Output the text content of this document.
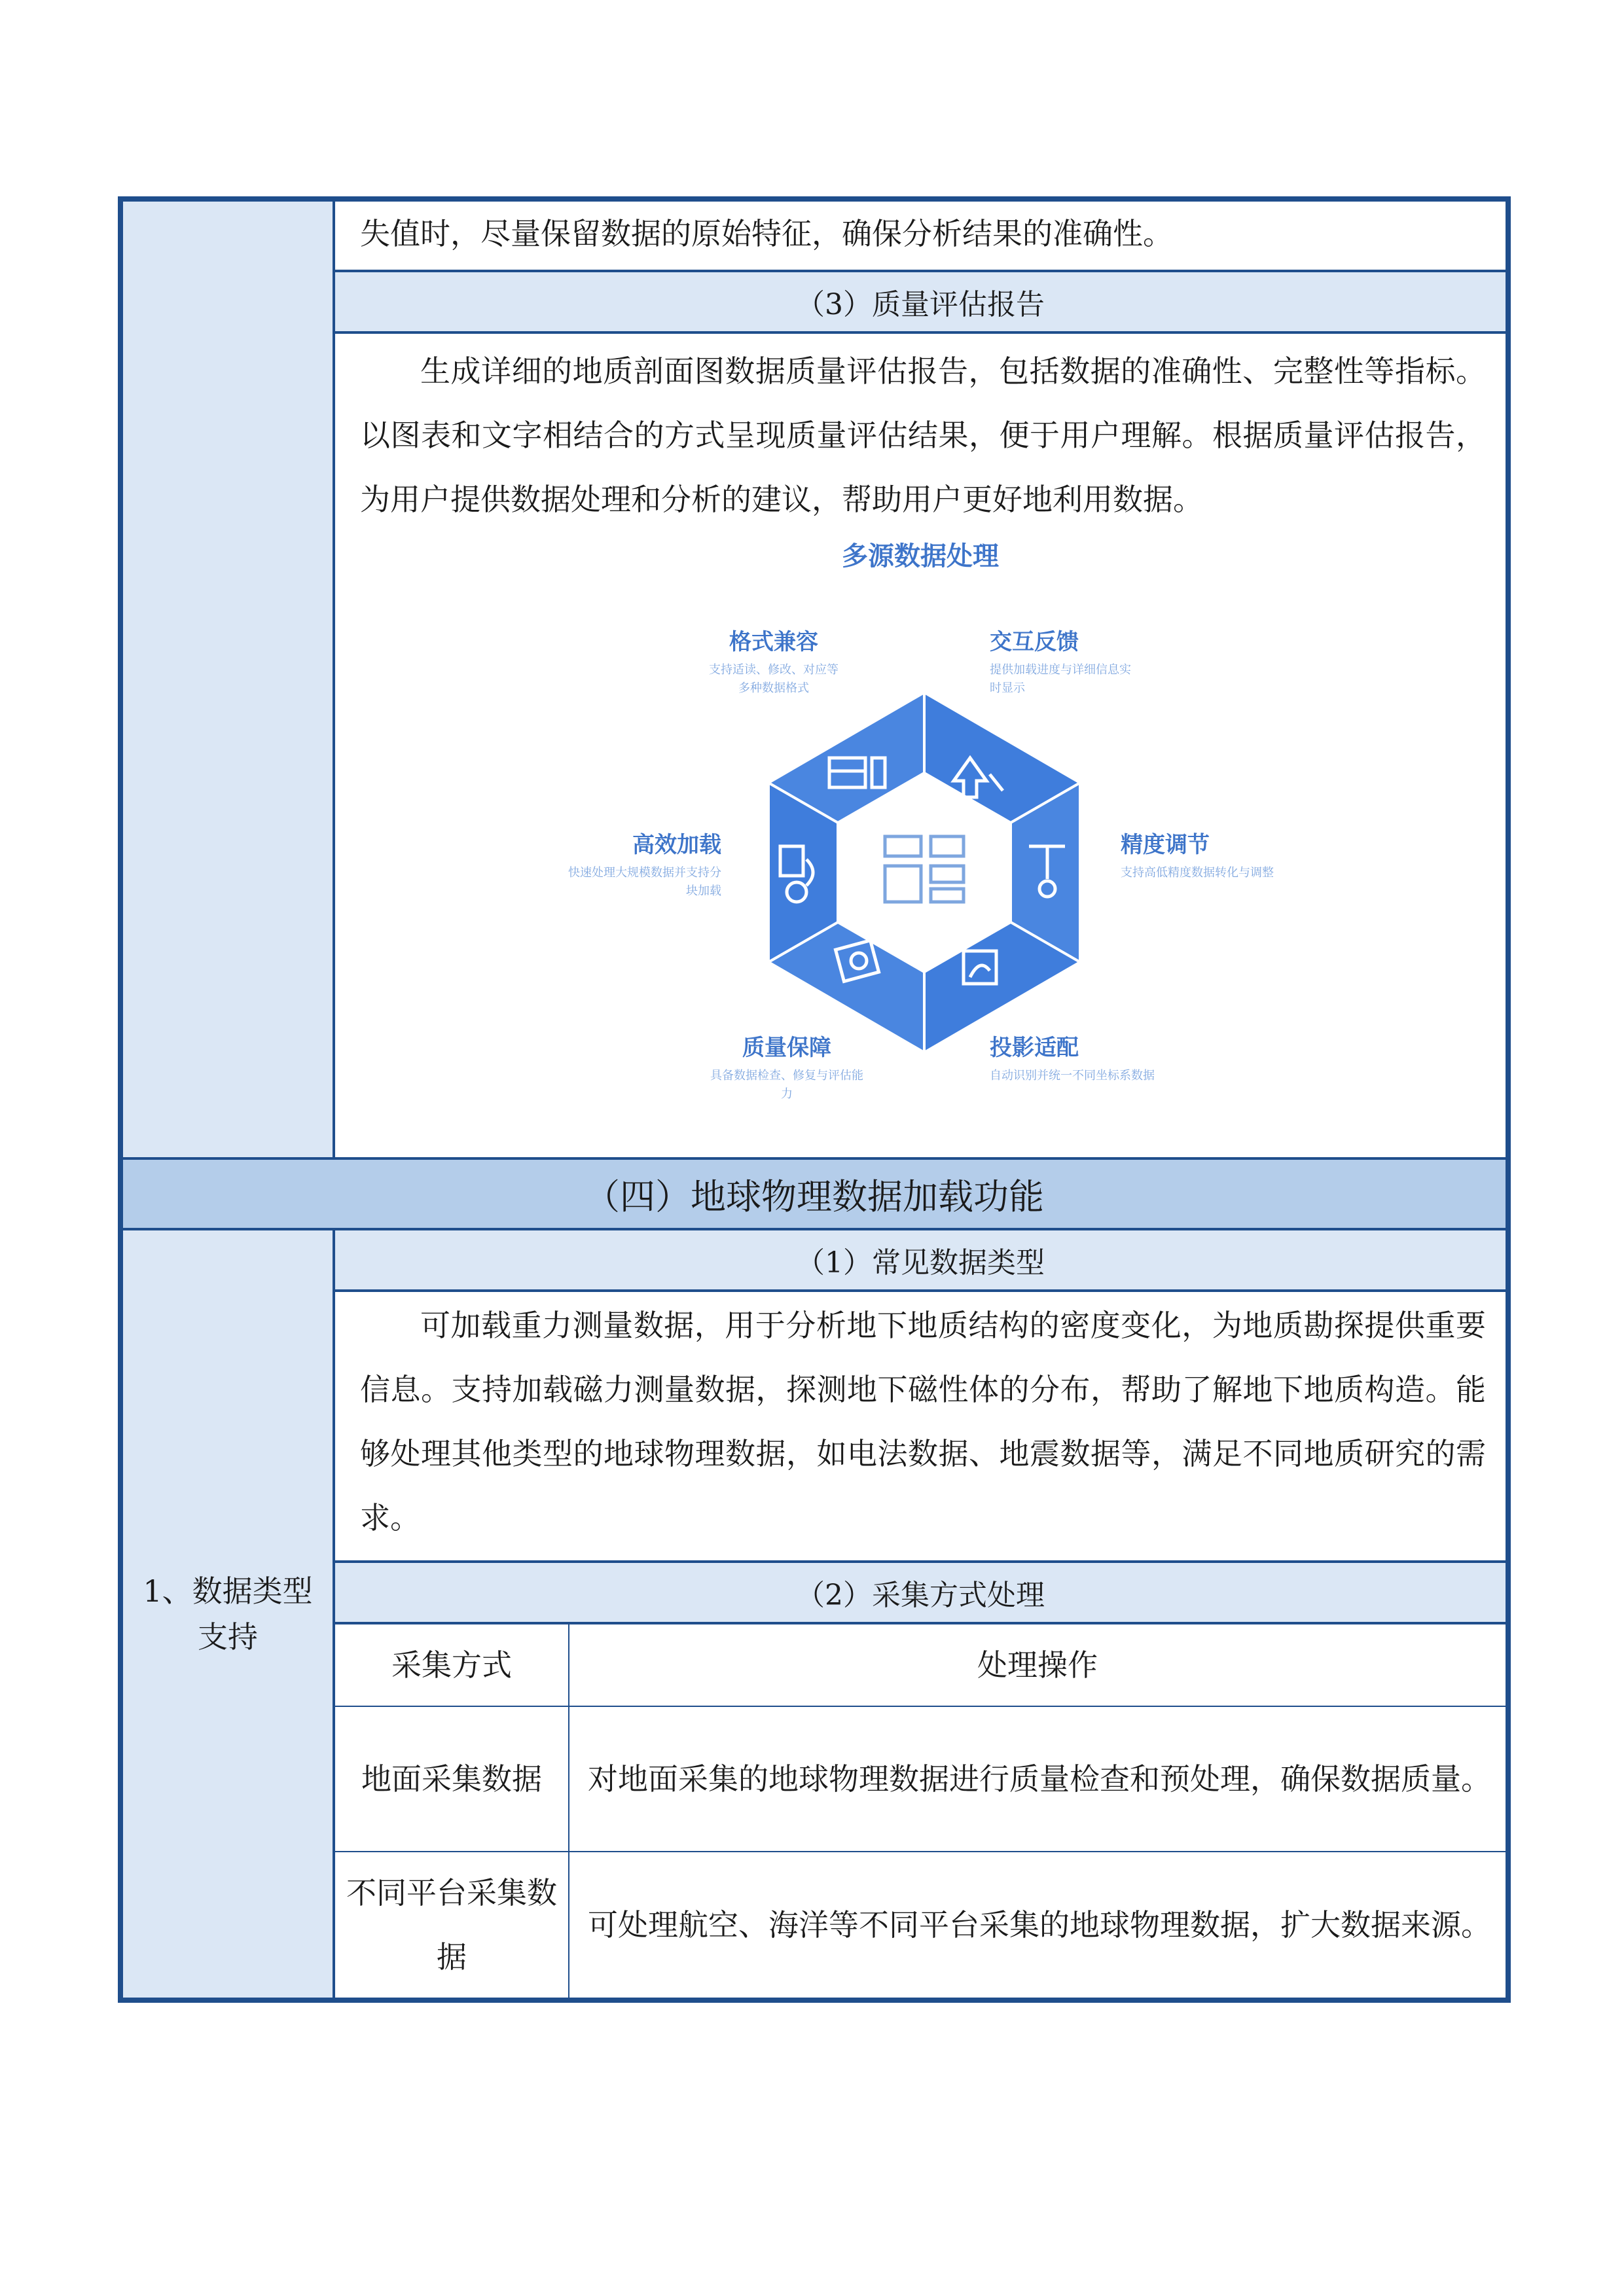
失值时，尽量保留数据的原始特征，确保分析结果的准确性。
（3）质量评估报告
生成详细的地质剖面图数据质量评估报告，包括数据的准确性、完整性等指标。以图表和文字相结合的方式呈现质量评估结果，便于用户理解。根据质量评估报告，为用户提供数据处理和分析的建议，帮助用户更好地利用数据。
多源数据处理
格式兼容
支持适读、修改、对应等多种数据格式
交互反馈
提供加载进度与详细信息实时显示
精度调节
支持高低精度数据转化与调整
高效加载
快速处理大规模数据并支持分块加载
质量保障
具备数据检查、修复与评估能力
投影适配
自动识别并统一不同坐标系数据
（四）地球物理数据加载功能
1、数据类型支持
（1）常见数据类型
可加载重力测量数据，用于分析地下地质结构的密度变化，为地质勘探提供重要信息。支持加载磁力测量数据，探测地下磁性体的分布，帮助了解地下地质构造。能够处理其他类型的地球物理数据，如电法数据、地震数据等，满足不同地质研究的需求。
（2）采集方式处理
采集方式	处理操作
地面采集数据	对地面采集的地球物理数据进行质量检查和预处理，确保数据质量。
不同平台采集数据
可处理航空、海洋等不同平台采集的地球物理数据，扩大数据来源。
